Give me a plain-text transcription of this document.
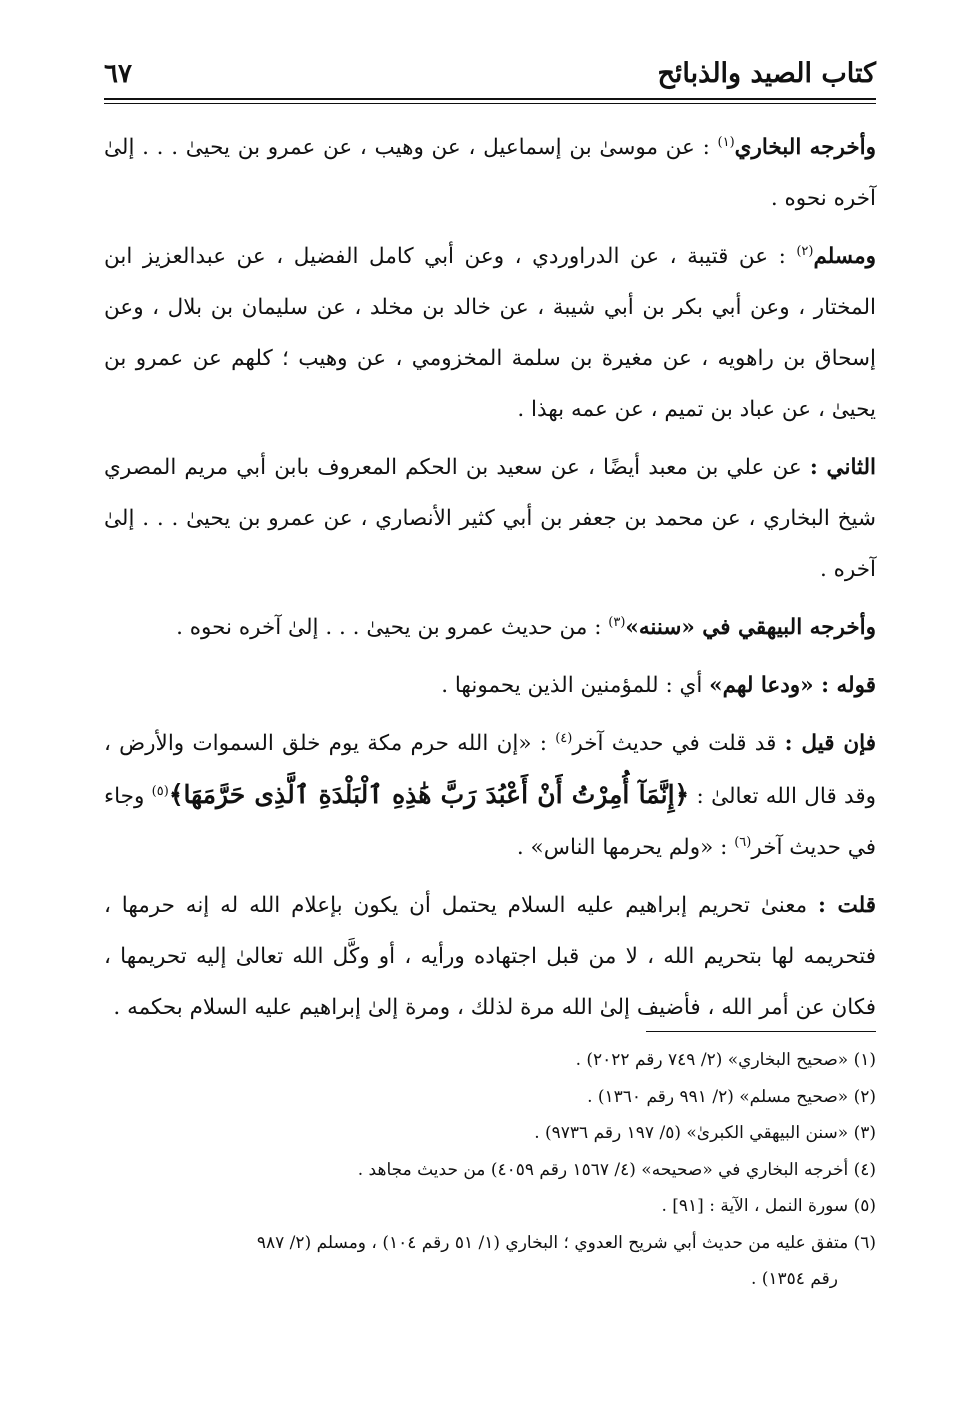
كتاب الصيد والذبائح
٦٧

وأخرجه البخاري$^{(١)}$ : عن موسىٰ بن إسماعيل ، عن وهيب ، عن عمرو بن يحيىٰ . . . إلىٰ آخره نحوه .

ومسلم$^{(٢)}$ : عن قتيبة ، عن الدراوردي ، وعن أبي كامل الفضيل ، عن عبدالعزيز ابن المختار ، وعن أبي بكر بن أبي شيبة ، عن خالد بن مخلد ، عن سليمان بن بلال ، وعن إسحاق بن راهويه ، عن مغيرة بن سلمة المخزومي ، عن وهيب ؛ كلهم عن عمرو بن يحيىٰ ، عن عباد بن تميم ، عن عمه بهذا .

الثاني : عن علي بن معبد أيضًا ، عن سعيد بن الحكم المعروف بابن أبي مريم المصري شيخ البخاري ، عن محمد بن جعفر بن أبي كثير الأنصاري ، عن عمرو بن يحيىٰ . . . إلىٰ آخره .

وأخرجه البيهقي في «سننه»$^{(٣)}$ : من حديث عمرو بن يحيىٰ . . . إلىٰ آخره نحوه .

قوله : «ودعا لهم» أي : للمؤمنين الذين يحمونها .

فإن قيل : قد قلت في حديث آخر$^{(٤)}$ : «إن الله حرم مكة يوم خلق السموات والأرض ، وقد قال الله تعالىٰ : ﴿إِنَّمَآ أُمِرْتُ أَنْ أَعْبُدَ رَبَّ هَٰذِهِ ٱلْبَلْدَةِ ٱلَّذِى حَرَّمَهَا﴾$^{(٥)}$ وجاء في حديث آخر$^{(٦)}$ : «ولم يحرمها الناس» .

قلت : معنىٰ تحريم إبراهيم عليه السلام يحتمل أن يكون بإعلام الله له إنه حرمها ، فتحريمه لها بتحريم الله ، لا من قبل اجتهاده ورأيه ، أو وكَّل الله تعالىٰ إليه تحريمها ، فكان عن أمر الله ، فأضيف إلىٰ الله مرة لذلك ، ومرة إلىٰ إبراهيم عليه السلام بحكمه .

(١) «صحيح البخاري» (٢/ ٧٤٩ رقم ٢٠٢٢) .

(٢) «صحيح مسلم» (٢/ ٩٩١ رقم ١٣٦٠) .

(٣) «سنن البيهقي الكبرىٰ» (٥/ ١٩٧ رقم ٩٧٣٦) .

(٤) أخرجه البخاري في «صحيحه» (٤/ ١٥٦٧ رقم ٤٠٥٩) من حديث مجاهد .

(٥) سورة النمل ، الآية : [٩١] .

(٦) متفق عليه من حديث أبي شريح العدوي ؛ البخاري (١/ ٥١ رقم ١٠٤) ، ومسلم (٢/ ٩٨٧

رقم ١٣٥٤) .
